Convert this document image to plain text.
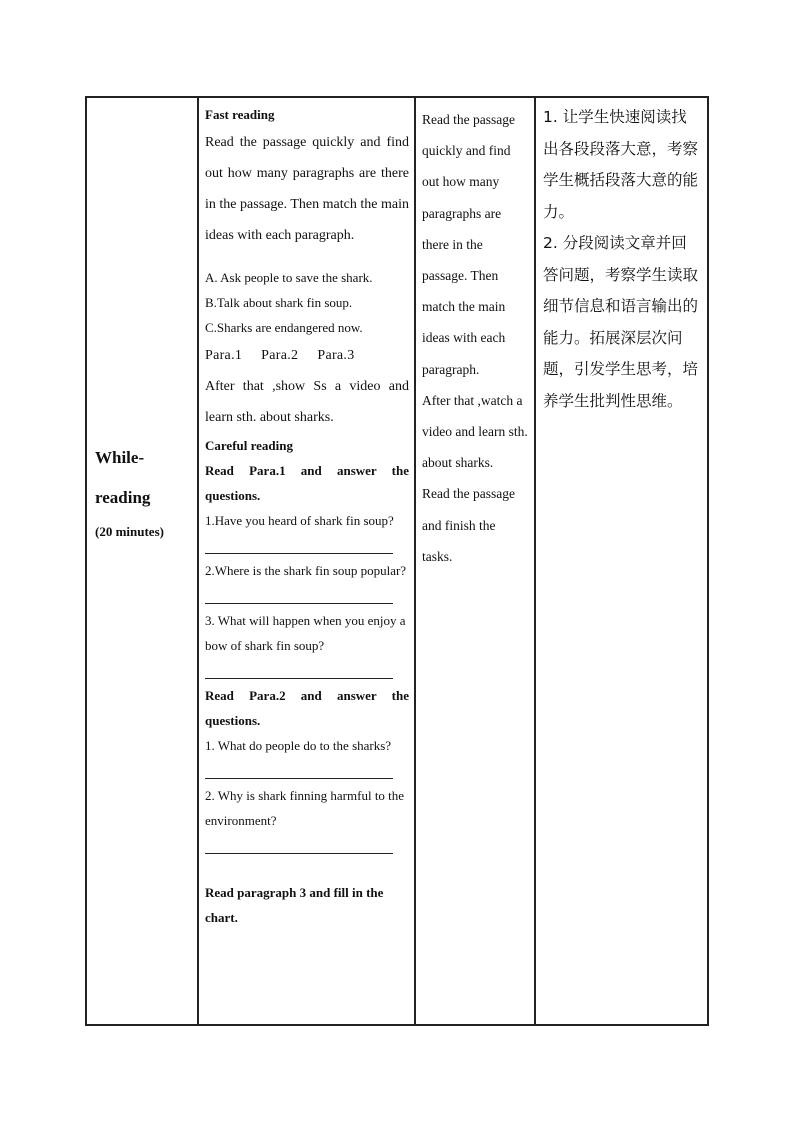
While-
reading
(20 minutes)

Fast reading
Read the passage quickly and find out how many paragraphs are there in the passage. Then match the main ideas with each paragraph.
A. Ask people to save the shark.
B.Talk about shark fin soup.
C.Sharks are endangered now.
Para.1     Para.2     Para.3
After that ,show Ss a video and learn sth. about sharks.
Careful reading
Read Para.1 and answer the questions.
1.Have you heard of shark fin soup?
2.Where is the shark fin soup popular?
3. What will happen when you enjoy a bow of shark fin soup?
Read Para.2 and answer the questions.
1. What do people do to the sharks?
2. Why is shark finning harmful to the environment?
Read paragraph 3 and fill in the chart.

Read the passage quickly and find out how many paragraphs are there in the passage. Then match the main ideas with each paragraph.
After that ,watch a video and learn sth. about sharks.
Read the passage and finish the tasks.

1. 让学生快速阅读找出各段段落大意，考察学生概括段落大意的能力。
2. 分段阅读文章并回答问题，考察学生读取细节信息和语言输出的能力。拓展深层次问题，引发学生思考，培养学生批判性思维。
